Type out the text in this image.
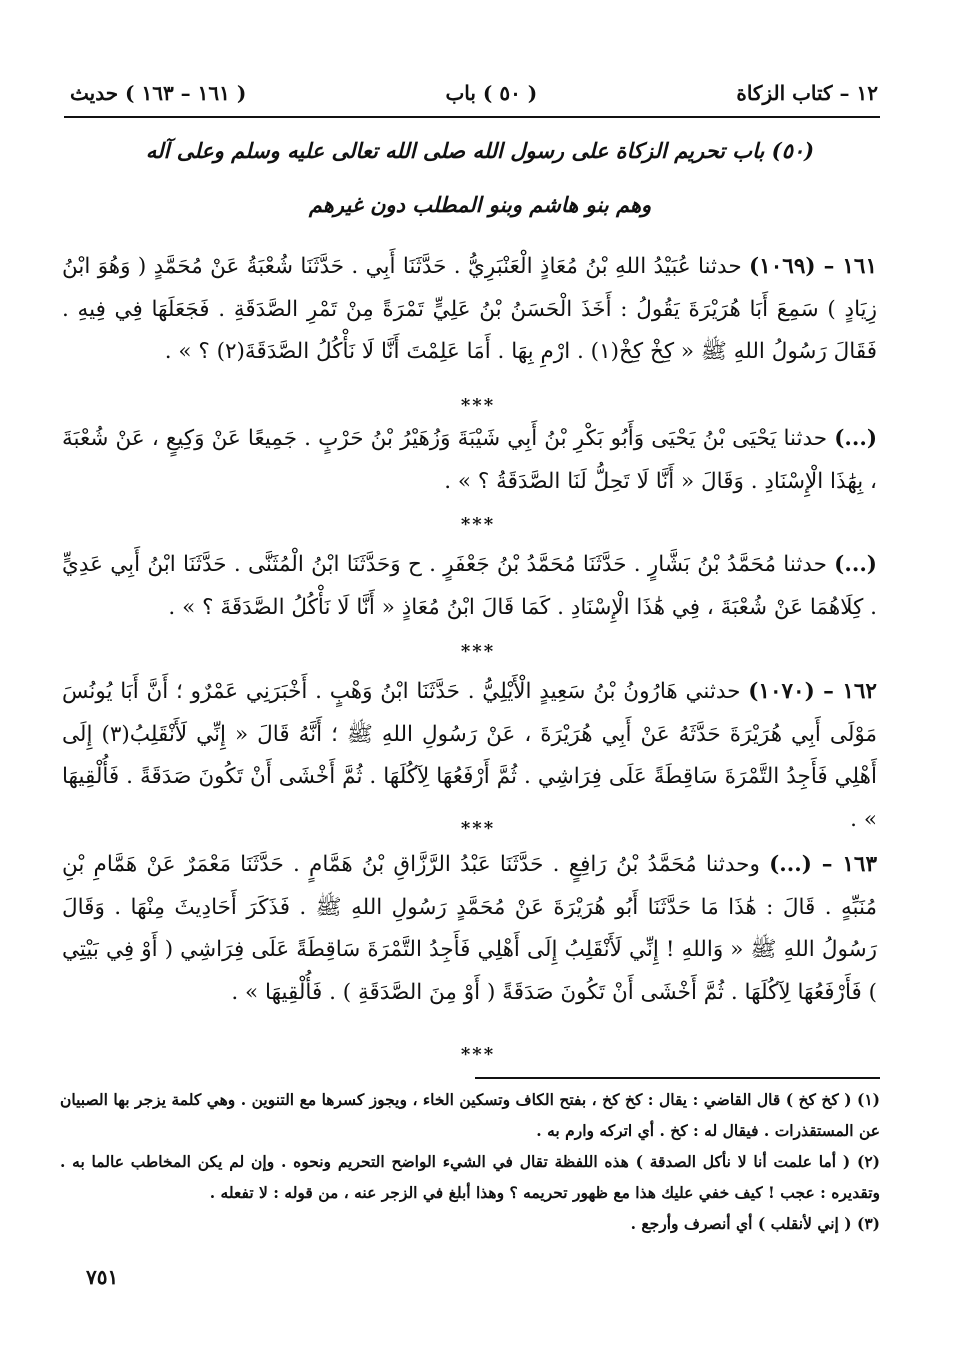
١٢ – كتاب الزكاة
( ٥٠ ) باب
( ١٦١ – ١٦٣ ) حديث
(٥٠) باب تحريم الزكاة على رسول الله صلى الله تعالى عليه وسلم وعلى آله
وهم بنو هاشم وبنو المطلب دون غيرهم

١٦١ – (١٠٦٩) حدثنا عُبَيْدُ اللهِ بْنُ مُعَاذٍ الْعَنْبَرِيُّ . حَدَّثَنَا أَبِي . حَدَّثَنَا شُعْبَةُ عَنْ مُحَمَّدٍ ( وَهُوَ ابْنُ زِيَادٍ ) سَمِعَ أَبَا هُرَيْرَةَ يَقُولُ : أَخَذَ الْحَسَنُ بْنُ عَلِيٍّ تَمْرَةً مِنْ تَمْرِ الصَّدَقَةِ . فَجَعَلَهَا فِي فِيهِ . فَقَالَ رَسُولُ اللهِ ﷺ « كِخْ كِخْ(١) . ارْمِ بِهَا . أَمَا عَلِمْتَ أَنَّا لَا نَأْكُلُ الصَّدَقَةَ(٢) ؟ » .

***

(...) حدثنا يَحْيَى بْنُ يَحْيَى وَأَبُو بَكْرِ بْنُ أَبِي شَيْبَةَ وَزُهَيْرُ بْنُ حَرْبٍ . جَمِيعًا عَنْ وَكِيعٍ ، عَنْ شُعْبَةَ ، بِهَٰذَا الْإِسْنَادِ . وَقَالَ « أَنَّا لَا تَحِلُّ لَنَا الصَّدَقَةُ ؟ » .

***

(...) حدثنا مُحَمَّدُ بْنُ بَشَّارٍ . حَدَّثَنَا مُحَمَّدُ بْنُ جَعْفَرٍ . ح وَحَدَّثَنَا ابْنُ الْمُثَنَّى . حَدَّثَنَا ابْنُ أَبِي عَدِيٍّ . كِلَاهُمَا عَنْ شُعْبَةَ ، فِي هَٰذَا الْإِسْنَادِ . كَمَا قَالَ ابْنُ مُعَاذٍ « أَنَّا لَا نَأْكُلُ الصَّدَقَةَ ؟ » .

***

١٦٢ – (١٠٧٠) حدثني هَارُونُ بْنُ سَعِيدٍ الْأَيْلِيُّ . حَدَّثَنَا ابْنُ وَهْبٍ . أَخْبَرَنِي عَمْرٌو ؛ أَنَّ أَبَا يُونُسَ مَوْلَى أَبِي هُرَيْرَةَ حَدَّثَهُ عَنْ أَبِي هُرَيْرَةَ ، عَنْ رَسُولِ اللهِ ﷺ ؛ أَنَّهُ قَالَ « إِنِّي لَأَنْقَلِبُ(٣) إِلَى أَهْلِي فَأَجِدُ التَّمْرَةَ سَاقِطَةً عَلَى فِرَاشِي . ثُمَّ أَرْفَعُهَا لِآكُلَهَا . ثُمَّ أَخْشَى أَنْ تَكُونَ صَدَقَةً . فَأُلْقِيهَا » .

***

١٦٣ – (...) وحدثنا مُحَمَّدُ بْنُ رَافِعٍ . حَدَّثَنَا عَبْدُ الرَّزَّاقِ بْنُ هَمَّامٍ . حَدَّثَنَا مَعْمَرٌ عَنْ هَمَّامِ بْنِ مُنَبِّهٍ . قَالَ : هَٰذَا مَا حَدَّثَنَا أَبُو هُرَيْرَةَ عَنْ مُحَمَّدٍ رَسُولِ اللهِ ﷺ . فَذَكَرَ أَحَادِيثَ مِنْهَا . وَقَالَ رَسُولُ اللهِ ﷺ « وَاللهِ ! إِنِّي لَأَنْقَلِبُ إِلَى أَهْلِي فَأَجِدُ التَّمْرَةَ سَاقِطَةً عَلَى فِرَاشِي ( أَوْ فِي بَيْتِي ) فَأَرْفَعُهَا لِآكُلَهَا . ثُمَّ أَخْشَى أَنْ تَكُونَ صَدَقَةً ( أَوْ مِنَ الصَّدَقَةِ ) . فَأُلْقِيهَا » .

***

(١) ( كخ كخ ) قال القاضي : يقال : كخ كخ ، بفتح الكاف وتسكين الخاء ، ويجوز كسرها مع التنوين . وهي كلمة يزجر بها الصبيان عن المستقذرات . فيقال له : كخ . أي اتركه وارم به .

(٢) ( أما علمت أنا لا نأكل الصدقة ) هذه اللفظة تقال في الشيء الواضح التحريم ونحوه . وإن لم يكن المخاطب عالما به . وتقديره : عجب ! كيف خفي عليك هذا مع ظهور تحريمه ؟ وهذا أبلغ في الزجر عنه ، من قوله : لا تفعله .

(٣) ( إني لأنقلب ) أي أنصرف وأرجع .

٧٥١
